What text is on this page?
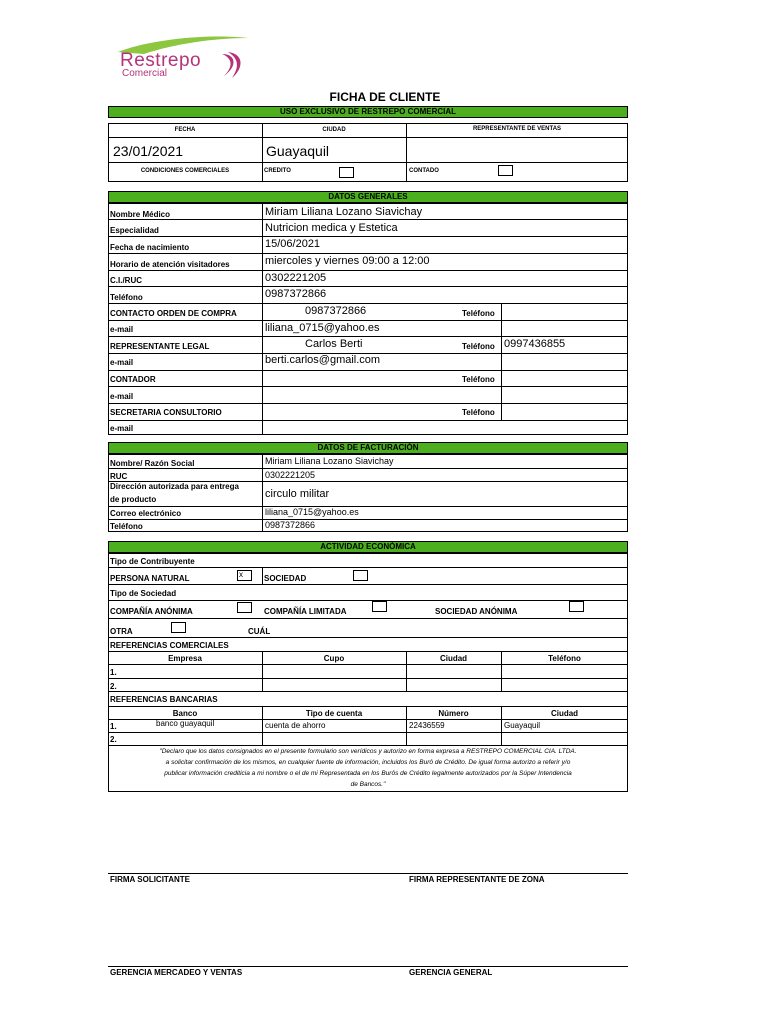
Restrepo
Comercial
FICHA DE CLIENTE
USO EXCLUSIVO DE RESTREPO COMERCIAL
FECHA	CIUDAD	REPRESENTANTE DE VENTAS
23/01/2021	Guayaquil
CONDICIONES COMERCIALES	CREDITO	CONTADO
DATOS GENERALES
Nombre Médico	Miriam Liliana Lozano Siavichay
Especialidad	Nutricion medica y Estetica
Fecha de nacimiento	15/06/2021
Horario de atención visitadores	miercoles y viernes 09:00 a 12:00
C.I./RUC	0302221205
Teléfono	0987372866
CONTACTO ORDEN DE COMPRA	0987372866	Teléfono
e-mail	liliana_0715@yahoo.es
REPRESENTANTE LEGAL	Carlos Berti	Teléfono 0997436855
e-mail	berti.carlos@gmail.com
CONTADOR	Teléfono
e-mail
SECRETARIA CONSULTORIO	Teléfono
e-mail
DATOS DE FACTURACIÓN
Nombre/ Razón Social	Miriam Liliana Lozano Siavichay
RUC	0302221205
Dirección autorizada para entrega
de producto	circulo militar
Correo electrónico	liliana_0715@yahoo.es
Teléfono	0987372866
ACTIVIDAD ECONÓMICA
Tipo de Contribuyente
PERSONA NATURAL	x	SOCIEDAD
Tipo de Sociedad
COMPAÑÍA ANÓNIMA	COMPAÑÍA LIMITADA	SOCIEDAD ANÓNIMA
OTRA	CUÁL
REFERENCIAS COMERCIALES
Empresa	Cupo	Ciudad	Teléfono
1.
2.
REFERENCIAS BANCARIAS
Banco	Tipo de cuenta	Número	Ciudad
1.	banco guayaquil	cuenta de ahorro	22436559	Guayaquil
2.
"Declaro que los datos consignados en el presente formulario son verídicos y autorizo en forma expresa a RESTREPO COMERCIAL CIA. LTDA.
a solicitar confirmación de los mismos, en cualquier fuente de información, incluidos los Burô de Crédito. De igual forma autorizo a referir y/o
publicar información crediticia a mi nombre o el de mi Representada en los Burôs de Crédito legalmente autorizados por la Súper Intendencia
de Bancos."
FIRMA SOLICITANTE	FIRMA REPRESENTANTE DE ZONA
GERENCIA MERCADEO Y VENTAS	GERENCIA GENERAL
